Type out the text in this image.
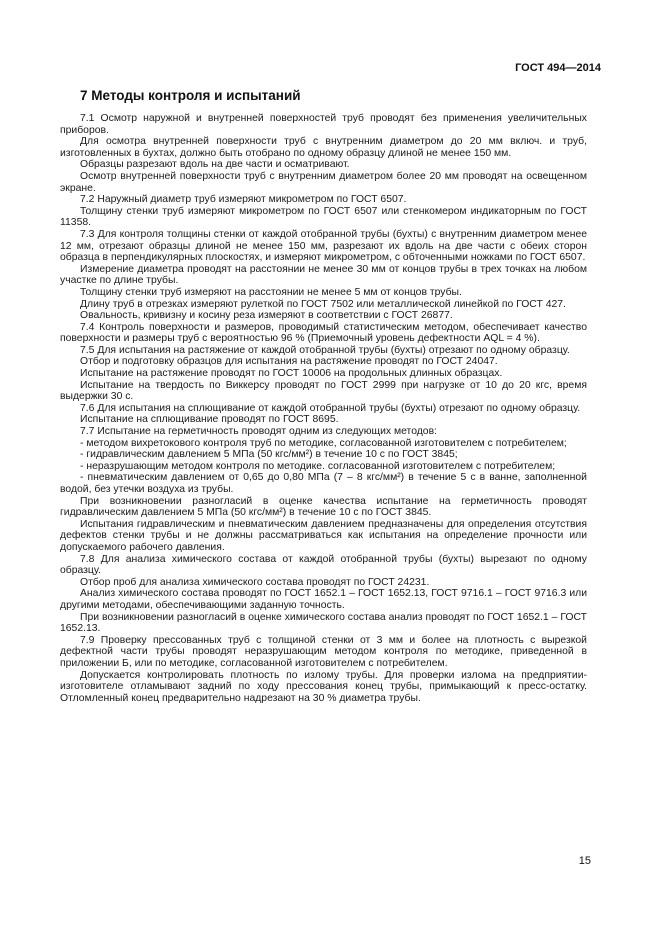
ГОСТ 494—2014
7 Методы контроля и испытаний

7.1 Осмотр наружной и внутренней поверхностей труб проводят без применения увеличительных приборов.

Для осмотра внутренней поверхности труб с внутренним диаметром до 20 мм включ. и труб, изготовленных в бухтах, должно быть отобрано по одному образцу длиной не менее 150 мм.

Образцы разрезают вдоль на две части и осматривают.

Осмотр внутренней поверхности труб с внутренним диаметром более 20 мм проводят на освещенном экране.

7.2 Наружный диаметр труб измеряют микрометром по ГОСТ 6507.

Толщину стенки труб измеряют микрометром по ГОСТ 6507 или стенкомером индикаторным по ГОСТ 11358.

7.3 Для контроля толщины стенки от каждой отобранной трубы (бухты) с внутренним диаметром менее 12 мм, отрезают образцы длиной не менее 150 мм, разрезают их вдоль на две части с обеих сторон образца в перпендикулярных плоскостях, и измеряют микрометром, с обточенными ножками по ГОСТ 6507.

Измерение диаметра проводят на расстоянии не менее 30 мм от концов трубы в трех точках на любом участке по длине трубы.

Толщину стенки труб измеряют на расстоянии не менее 5 мм от концов трубы.

Длину труб в отрезках измеряют рулеткой по ГОСТ 7502 или металлической линейкой по ГОСТ 427.

Овальность, кривизну и косину реза измеряют в соответствии с ГОСТ 26877.

7.4 Контроль поверхности и размеров, проводимый статистическим методом, обеспечивает качество поверхности и размеры труб с вероятностью 96 % (Приемочный уровень дефектности AQL = 4 %).

7.5 Для испытания на растяжение от каждой отобранной трубы (бухты) отрезают по одному образцу.

Отбор и подготовку образцов для испытания на растяжение проводят по ГОСТ 24047.

Испытание на растяжение проводят по ГОСТ 10006 на продольных длинных образцах.

Испытание на твердость по Виккерсу проводят по ГОСТ 2999 при нагрузке от 10 до 20 кгс, время выдержки 30 с.

7.6 Для испытания на сплющивание от каждой отобранной трубы (бухты) отрезают по одному образцу.

Испытание на сплющивание проводят по ГОСТ 8695.

7.7 Испытание на герметичность проводят одним из следующих методов:

- методом вихретокового контроля труб по методике, согласованной изготовителем с потребителем;

- гидравлическим давлением 5 МПа (50 кгс/мм²) в течение 10 с по ГОСТ 3845;

- неразрушающим методом контроля по методике. согласованной изготовителем с потребителем;

- пневматическим давлением от 0,65 до 0,80 МПа (7 – 8 кгс/мм²) в течение 5 с в ванне, заполненной водой, без утечки воздуха из трубы.

При возникновении разногласий в оценке качества испытание на герметичность проводят гидравлическим давлением 5 МПа (50 кгс/мм²) в течение 10 с по ГОСТ 3845.

Испытания гидравлическим и пневматическим давлением предназначены для определения отсутствия дефектов стенки трубы и не должны рассматриваться как испытания на определение прочности или допускаемого рабочего давления.

7.8 Для анализа химического состава от каждой отобранной трубы (бухты) вырезают по одному образцу.

Отбор проб для анализа химического состава проводят по ГОСТ 24231.

Анализ химического состава проводят по ГОСТ 1652.1 – ГОСТ 1652.13, ГОСТ 9716.1 – ГОСТ 9716.3 или другими методами, обеспечивающими заданную точность.

При возникновении разногласий в оценке химического состава анализ проводят по ГОСТ 1652.1 – ГОСТ 1652.13.

7.9 Проверку прессованных труб с толщиной стенки от 3 мм и более на плотность с вырезкой дефектной части трубы проводят неразрушающим методом контроля по методике, приведенной в приложении Б, или по методике, согласованной изготовителем с потребителем.

Допускается контролировать плотность по излому трубы. Для проверки излома на предприятии-изготовителе отламывают задний по ходу прессования конец трубы, примыкающий к пресс-остатку. Отломленный конец предварительно надрезают на 30 % диаметра трубы.

15
